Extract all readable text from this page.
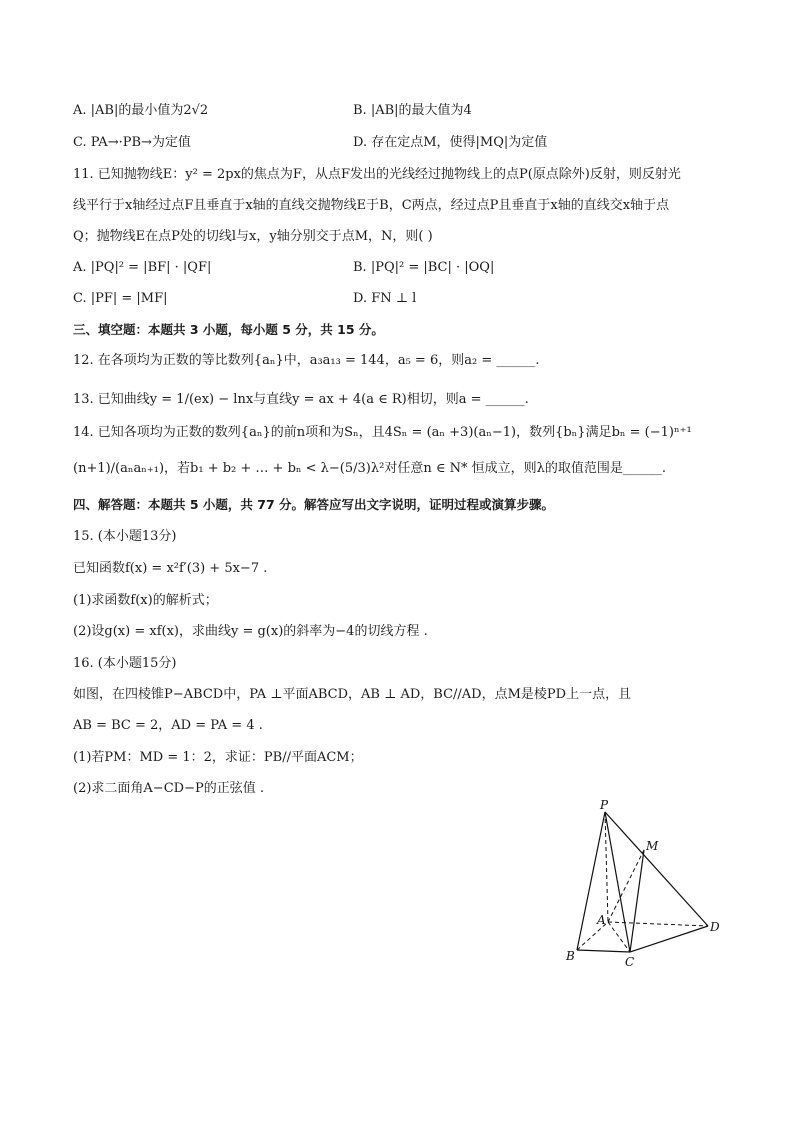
A. |AB|的最小值为2√2	B. |AB|的最大值为4
C. PA→·PB→为定值	D. 存在定点M，使得|MQ|为定值
11. 已知抛物线E：y² = 2px的焦点为F，从点F发出的光线经过抛物线上的点P(原点除外)反射，则反射光
线平行于x轴经过点F且垂直于x轴的直线交抛物线E于B，C两点，经过点P且垂直于x轴的直线交x轴于点
Q；抛物线E在点P处的切线l与x，y轴分别交于点M，N，则( )
A. |PQ|² = |BF| · |QF|	B. |PQ|² = |BC| · |OQ|
C. |PF| = |MF|	D. FN ⊥ l
三、填空题：本题共 3 小题，每小题 5 分，共 15 分。
12. 在各项均为正数的等比数列{aₙ}中，a₃a₁₃ = 144，a₅ = 6，则a₂ = ______.
13. 已知曲线y = 1/(ex) − lnx与直线y = ax + 4(a ∈ R)相切，则a = ______.
14. 已知各项均为正数的数列{aₙ}的前n项和为Sₙ，且4Sₙ = (aₙ +3)(aₙ−1)，数列{bₙ}满足bₙ = (−1)ⁿ⁺¹
(n+1)/(aₙaₙ₊₁)，若b₁ + b₂ + … + bₙ < λ−(5/3)λ²对任意n ∈ N* 恒成立，则λ的取值范围是______.
四、解答题：本题共 5 小题，共 77 分。解答应写出文字说明，证明过程或演算步骤。
15. (本小题13分)
已知函数f(x) = x²f′(3) + 5x−7 .
(1)求函数f(x)的解析式；
(2)设g(x) = xf(x)，求曲线y = g(x)的斜率为−4的切线方程 .
16. (本小题15分)
如图，在四棱锥P−ABCD中，PA ⊥平面ABCD，AB ⊥ AD，BC//AD，点M是棱PD上一点，且
AB = BC = 2，AD = PA = 4 .
(1)若PM：MD = 1：2，求证：PB//平面ACM；
(2)求二面角A−CD−P的正弦值 .
P
M
A
B	C
D
